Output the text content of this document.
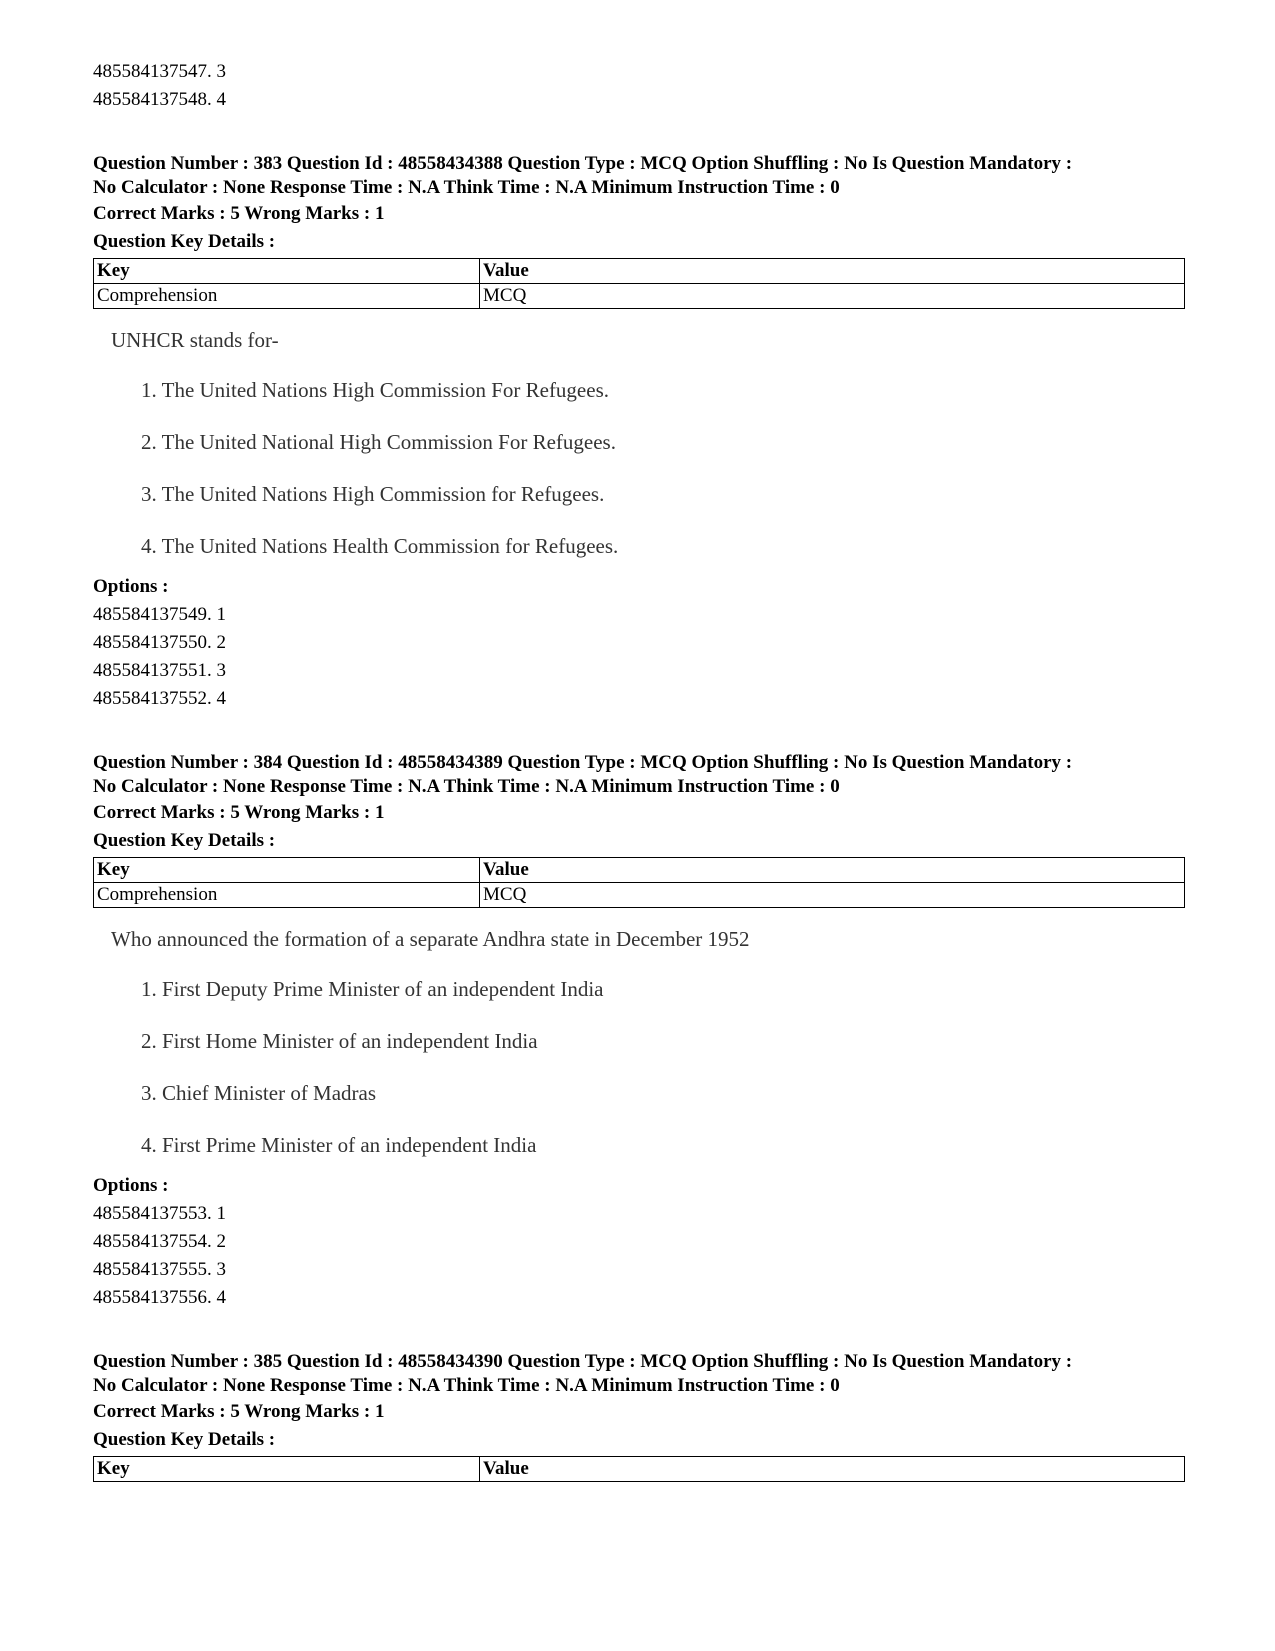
485584137547. 3
485584137548. 4
Question Number : 383 Question Id : 48558434388 Question Type : MCQ Option Shuffling : No Is Question Mandatory :
No Calculator : None Response Time : N.A Think Time : N.A Minimum Instruction Time : 0
Correct Marks : 5 Wrong Marks : 1
Question Key Details :
Key	Value
Comprehension	MCQ
UNHCR stands for-
1. The United Nations High Commission For Refugees.
2. The United National High Commission For Refugees.
3. The United Nations High Commission for Refugees.
4. The United Nations Health Commission for Refugees.
Options :
485584137549. 1
485584137550. 2
485584137551. 3
485584137552. 4
Question Number : 384 Question Id : 48558434389 Question Type : MCQ Option Shuffling : No Is Question Mandatory :
No Calculator : None Response Time : N.A Think Time : N.A Minimum Instruction Time : 0
Correct Marks : 5 Wrong Marks : 1
Question Key Details :
Key	Value
Comprehension	MCQ
Who announced the formation of a separate Andhra state in December 1952
1. First Deputy Prime Minister of an independent India
2. First Home Minister of an independent India
3. Chief Minister of Madras
4. First Prime Minister of an independent India
Options :
485584137553. 1
485584137554. 2
485584137555. 3
485584137556. 4
Question Number : 385 Question Id : 48558434390 Question Type : MCQ Option Shuffling : No Is Question Mandatory :
No Calculator : None Response Time : N.A Think Time : N.A Minimum Instruction Time : 0
Correct Marks : 5 Wrong Marks : 1
Question Key Details :
Key	Value
